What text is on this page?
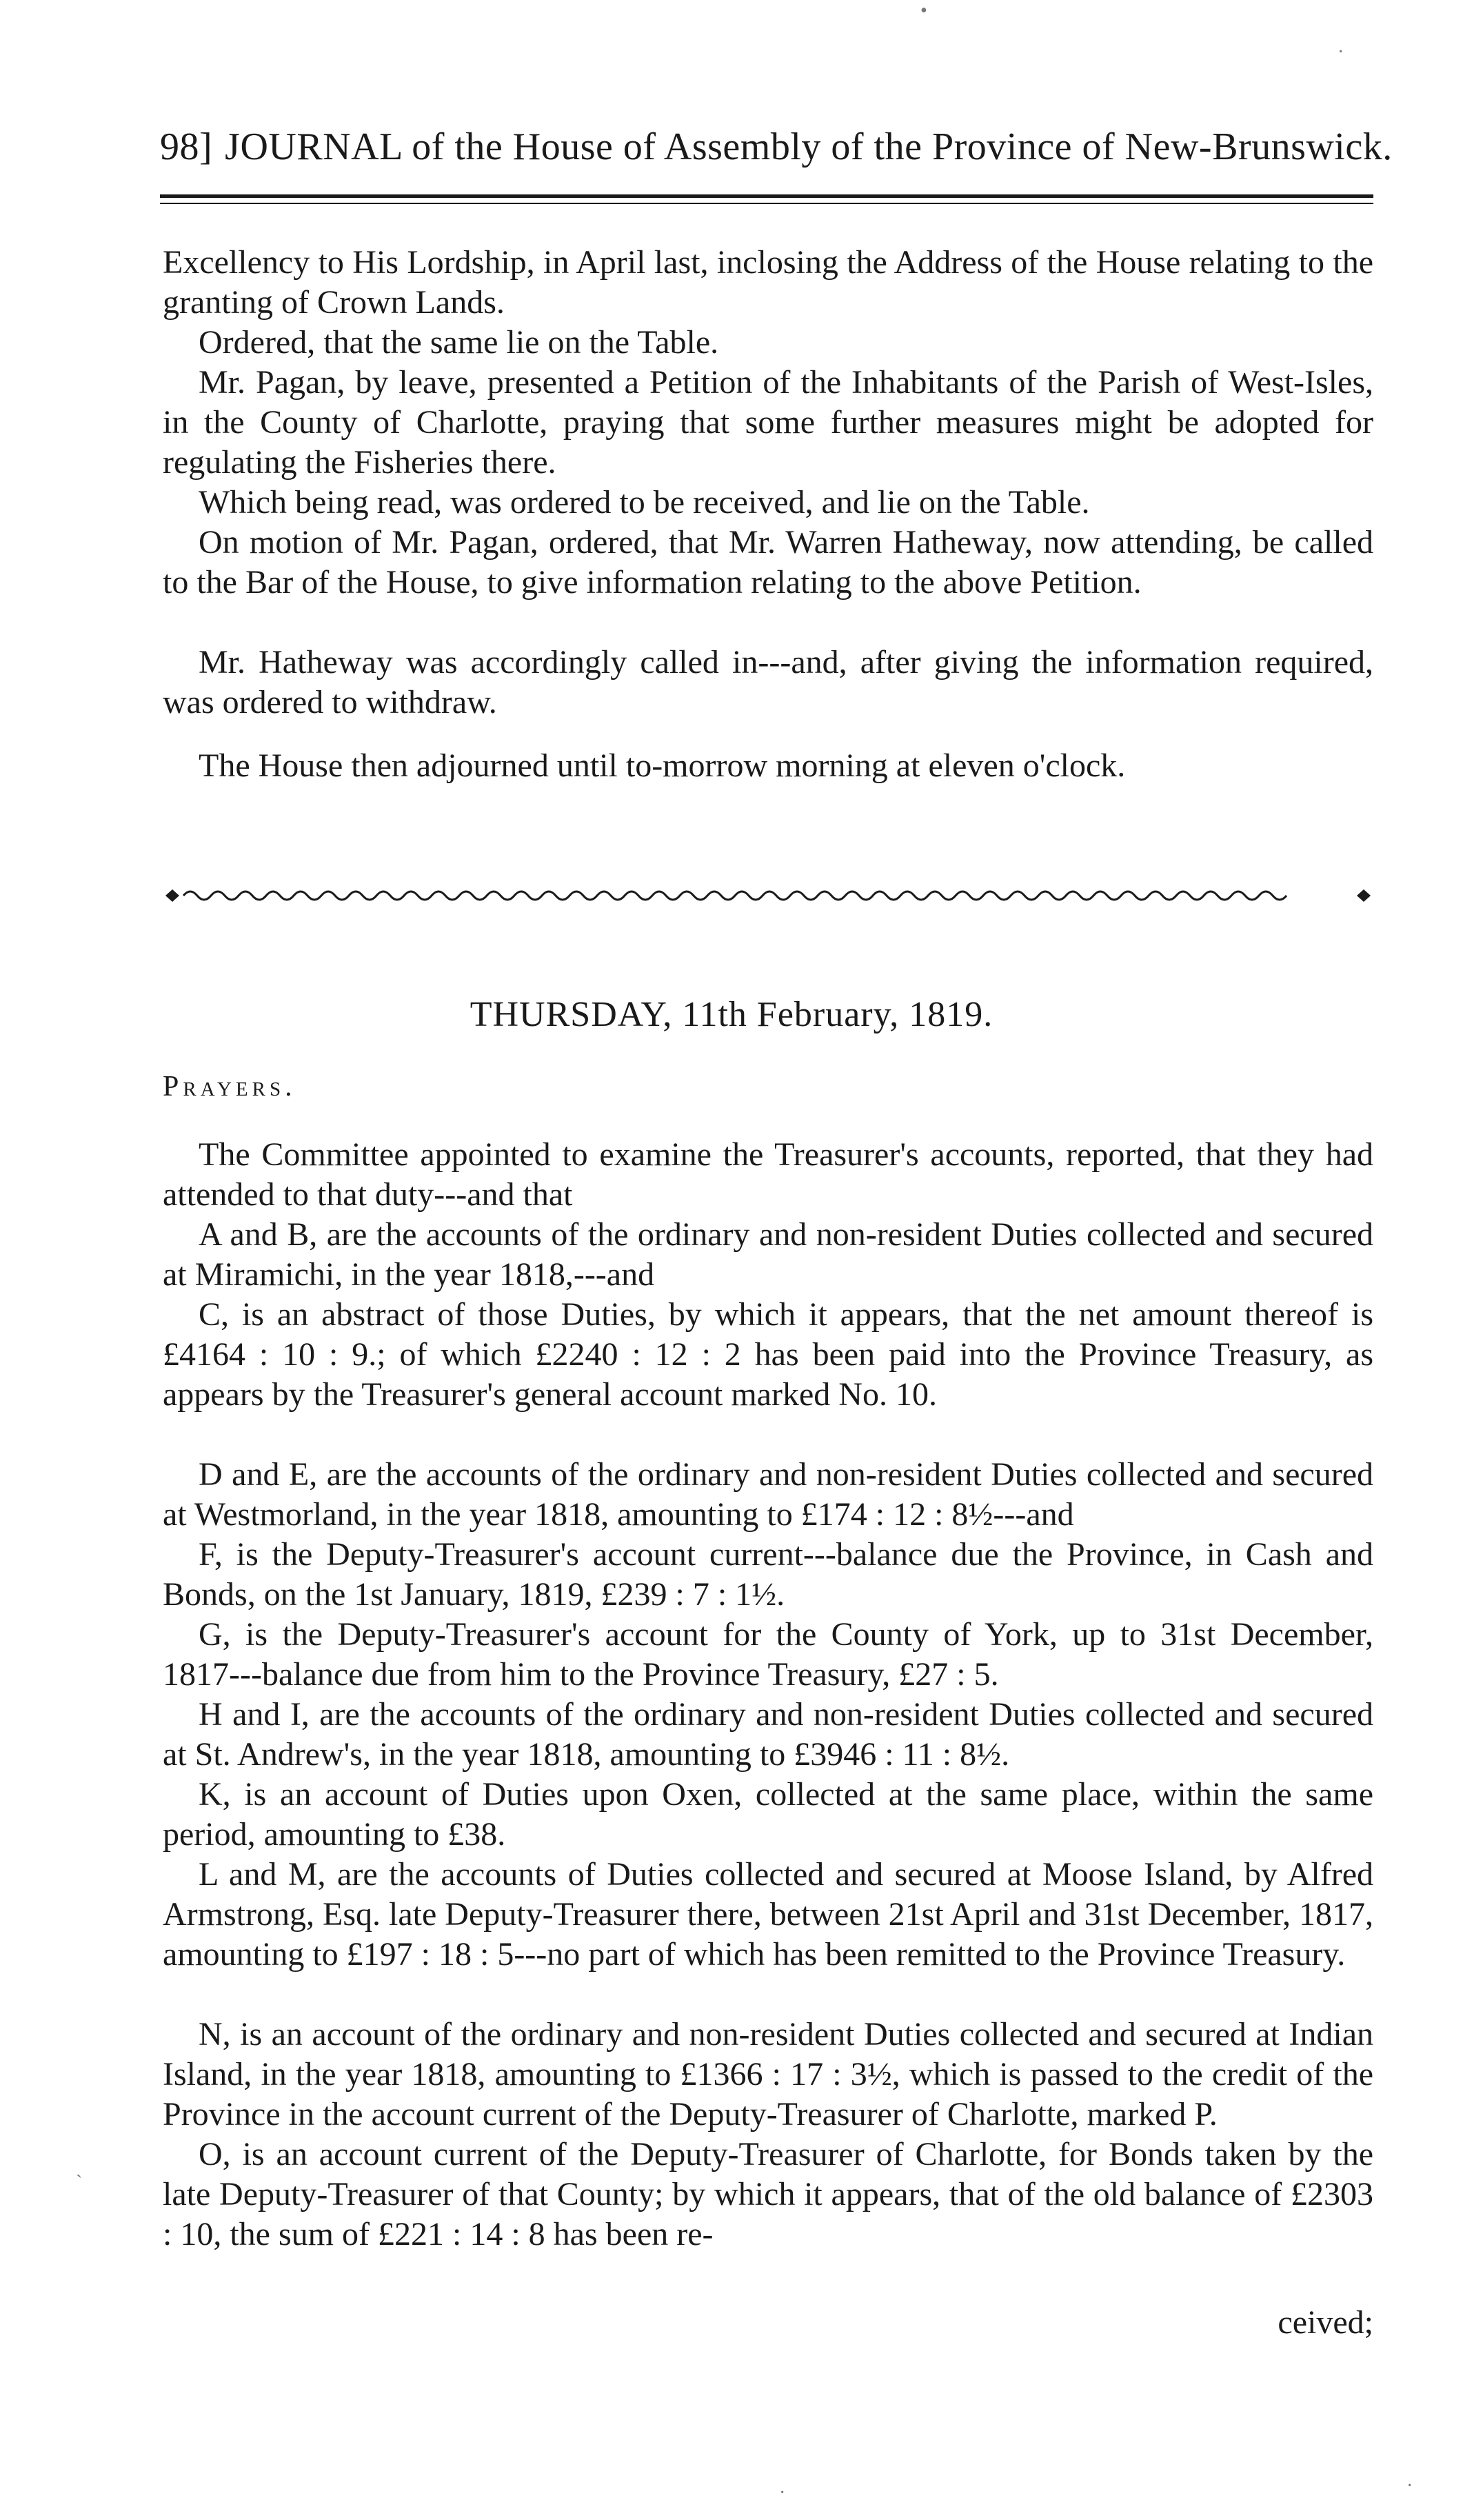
98] JOURNAL of the House of Assembly of the Province of New-Brunswick.
Excellency to His Lordship, in April last, inclosing the Address of the House relating to the granting of Crown Lands.
Ordered, that the same lie on the Table.
Mr. Pagan, by leave, presented a Petition of the Inhabitants of the Parish of West-Isles, in the County of Charlotte, praying that some further measures might be adopted for regulating the Fisheries there.
Which being read, was ordered to be received, and lie on the Table.
On motion of Mr. Pagan, ordered, that Mr. Warren Hatheway, now attending, be called to the Bar of the House, to give information relating to the above Petition.
Mr. Hatheway was accordingly called in---and, after giving the information required, was ordered to withdraw.
The House then adjourned until to-morrow morning at eleven o'clock.
THURSDAY, 11th February, 1819.
Prayers.
The Committee appointed to examine the Treasurer's accounts, reported, that they had attended to that duty---and that
A and B, are the accounts of the ordinary and non-resident Duties collected and secured at Miramichi, in the year 1818,---and
C, is an abstract of those Duties, by which it appears, that the net amount thereof is £4164 : 10 : 9.; of which £2240 : 12 : 2 has been paid into the Province Treasury, as appears by the Treasurer's general account marked No. 10.
D and E, are the accounts of the ordinary and non-resident Duties collected and secured at Westmorland, in the year 1818, amounting to £174 : 12 : 8½---and
F, is the Deputy-Treasurer's account current---balance due the Province, in Cash and Bonds, on the 1st January, 1819, £239 : 7 : 1½.
G, is the Deputy-Treasurer's account for the County of York, up to 31st December, 1817---balance due from him to the Province Treasury, £27 : 5.
H and I, are the accounts of the ordinary and non-resident Duties collected and secured at St. Andrew's, in the year 1818, amounting to £3946 : 11 : 8½.
K, is an account of Duties upon Oxen, collected at the same place, within the same period, amounting to £38.
L and M, are the accounts of Duties collected and secured at Moose Island, by Alfred Armstrong, Esq. late Deputy-Treasurer there, between 21st April and 31st December, 1817, amounting to £197 : 18 : 5---no part of which has been remitted to the Province Treasury.
N, is an account of the ordinary and non-resident Duties collected and secured at Indian Island, in the year 1818, amounting to £1366 : 17 : 3½, which is passed to the credit of the Province in the account current of the Deputy-Treasurer of Charlotte, marked P.
O, is an account current of the Deputy-Treasurer of Charlotte, for Bonds taken by the late Deputy-Treasurer of that County; by which it appears, that of the old balance of £2303 : 10, the sum of £221 : 14 : 8 has been re-
ceived;
•
·
ˋ
·	·
